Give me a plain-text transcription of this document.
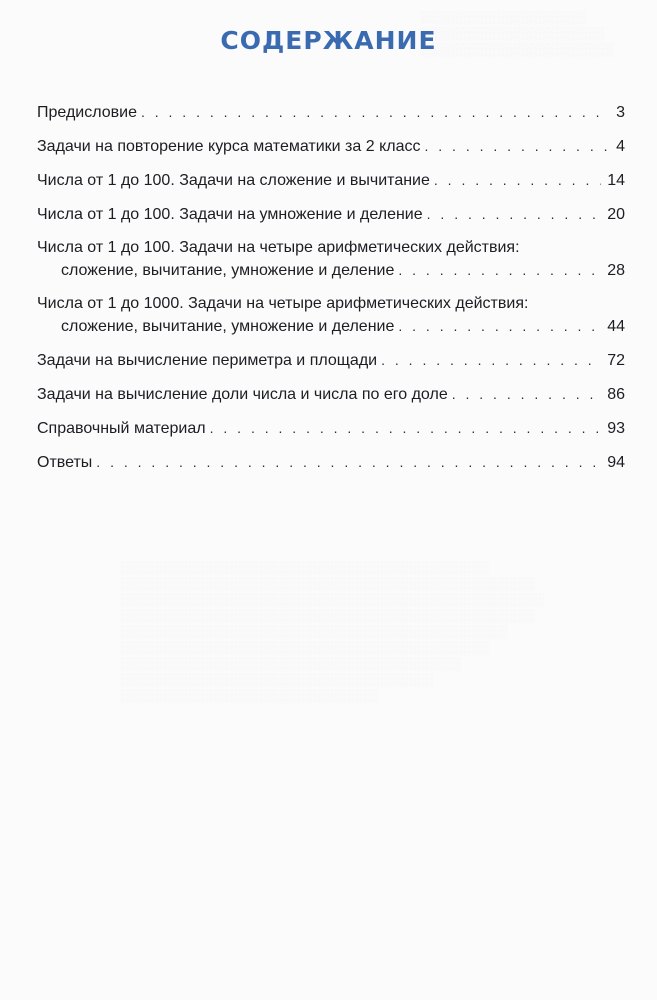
░░░░░░░░░░░░░░░░░░
░░░░░░░░░░░░░░░░░░░░
░░░░░░░░░░░░░░░░░░░░░
░░░░░░░░░░░░░░░░░░░░░░░░░░░░░░░░░░░░░░░░
░░░░░░░░░░░░░░░░░░░░░░░░░░░░░░░░░░░░░░░░░░░░░
░░░░░░░░░░░░░░░░░░░░░░░░░░░░░░░░░░░░░░░░░░░░░░
░░░░░░░░░░░░░░░░░░░░░░░░░░░░░░░░░░░░░░░░░░░░░
░░░░░░░░░░░░░░░░░░░░░░░░░░░░░░░░░░░░░░░░░░
░░░░░░░░░░░░░░░░░░░░░░░░░░░░░░░░░░░░░░░░
░░░░░░░░░░░░░░░░░░░░░░░░░░░░░░░░░░░░░
░░░░░░░░░░░░░░░░░░░░░░░░░░░░░░░░░░
░░░░░░░░░░░░░░░░░░░░░░░░░░░░
СОДЕРЖАНИЕ
Предисловие . . .	3
Задачи на повторение курса математики за 2 класс . . .	4
Числа от 1 до 100. Задачи на сложение и вычитание . . .	14
Числа от 1 до 100. Задачи на умножение и деление . . .	20
Числа от 1 до 100. Задачи на четыре арифметических действия:
сложение, вычитание, умножение и деление . . .	28
Числа от 1 до 1000. Задачи на четыре арифметических действия:
сложение, вычитание, умножение и деление . . .	44
Задачи на вычисление периметра и площади . . .	72
Задачи на вычисление доли числа и числа по его доле . . .	86
Справочный материал . . .	93
Ответы . . .	94
